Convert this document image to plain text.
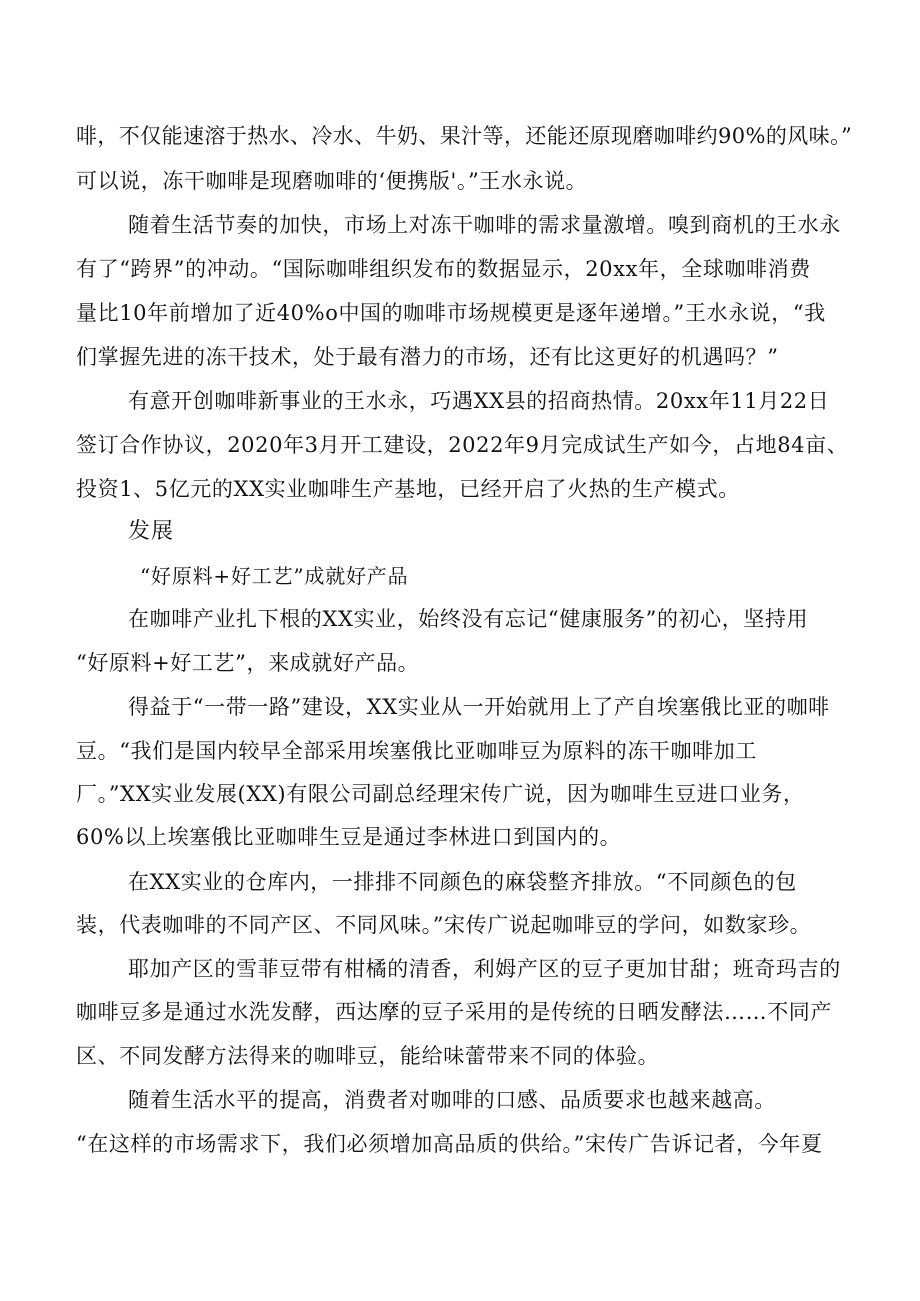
啡，不仅能速溶于热水、冷水、牛奶、果汁等，还能还原现磨咖啡约90%的风味。”
可以说，冻干咖啡是现磨咖啡的‘便携版'。”王水永说。
随着生活节奏的加快，市场上对冻干咖啡的需求量激增。嗅到商机的王水永
有了“跨界”的冲动。“国际咖啡组织发布的数据显示，20xx年，全球咖啡消费
量比10年前增加了近40%o中国的咖啡市场规模更是逐年递增。”王水永说，“我
们掌握先进的冻干技术，处于最有潜力的市场，还有比这更好的机遇吗？”
有意开创咖啡新事业的王水永，巧遇XX县的招商热情。20xx年11月22日
签订合作协议，2020年3月开工建设，2022年9月完成试生产如今，占地84亩、
投资1、5亿元的XX实业咖啡生产基地，已经开启了火热的生产模式。
发展
“好原料+好工艺”成就好产品
在咖啡产业扎下根的XX实业，始终没有忘记“健康服务”的初心，坚持用
“好原料+好工艺”，来成就好产品。
得益于“一带一路”建设，XX实业从一开始就用上了产自埃塞俄比亚的咖啡
豆。“我们是国内较早全部采用埃塞俄比亚咖啡豆为原料的冻干咖啡加工
厂。”XX实业发展(XX)有限公司副总经理宋传广说，因为咖啡生豆进口业务，
60%以上埃塞俄比亚咖啡生豆是通过李林进口到国内的。
在XX实业的仓库内，一排排不同颜色的麻袋整齐排放。“不同颜色的包
装，代表咖啡的不同产区、不同风味。”宋传广说起咖啡豆的学问，如数家珍。
耶加产区的雪菲豆带有柑橘的清香，利姆产区的豆子更加甘甜；班奇玛吉的
咖啡豆多是通过水洗发酵，西达摩的豆子采用的是传统的日晒发酵法……不同产
区、不同发酵方法得来的咖啡豆，能给味蕾带来不同的体验。
随着生活水平的提高，消费者对咖啡的口感、品质要求也越来越高。
“在这样的市场需求下，我们必须增加高品质的供给。”宋传广告诉记者，今年夏
